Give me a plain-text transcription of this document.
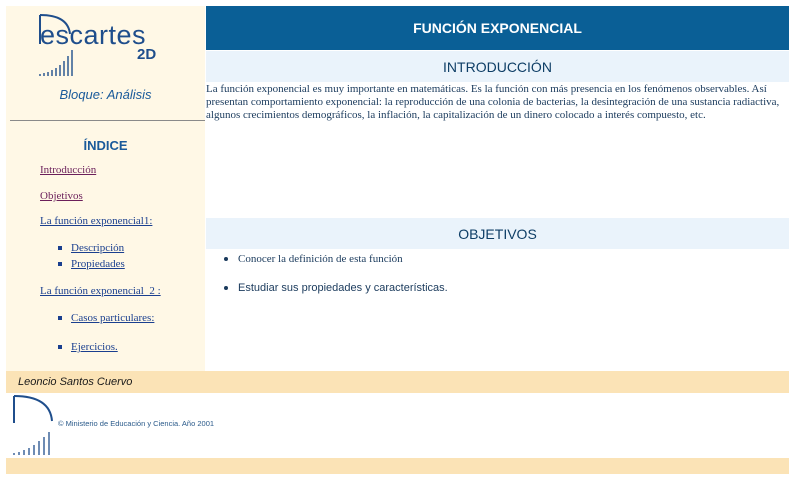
escartes
2D
Bloque: Análisis
ÍNDICE
Introducción
Objetivos
La función exponencial1:
Descripción
Propiedades
La función exponencial_2 :
Casos particulares:
Ejercicios.
FUNCIÓN EXPONENCIAL
INTRODUCCIÓN
La función exponencial es muy importante en matemáticas. Es la función con más presencia en los fenómenos observables. Así presentan comportamiento exponencial: la reproducción de una colonia de bacterias, la desintegración de una sustancia radiactiva, algunos crecimientos demográficos, la inflación, la capitalización de un dinero colocado a interés compuesto, etc.
OBJETIVOS
Conocer la definición de esta función
Estudiar sus propiedades y características.
Leoncio Santos Cuervo
© Ministerio de Educación y Ciencia. Año 2001
